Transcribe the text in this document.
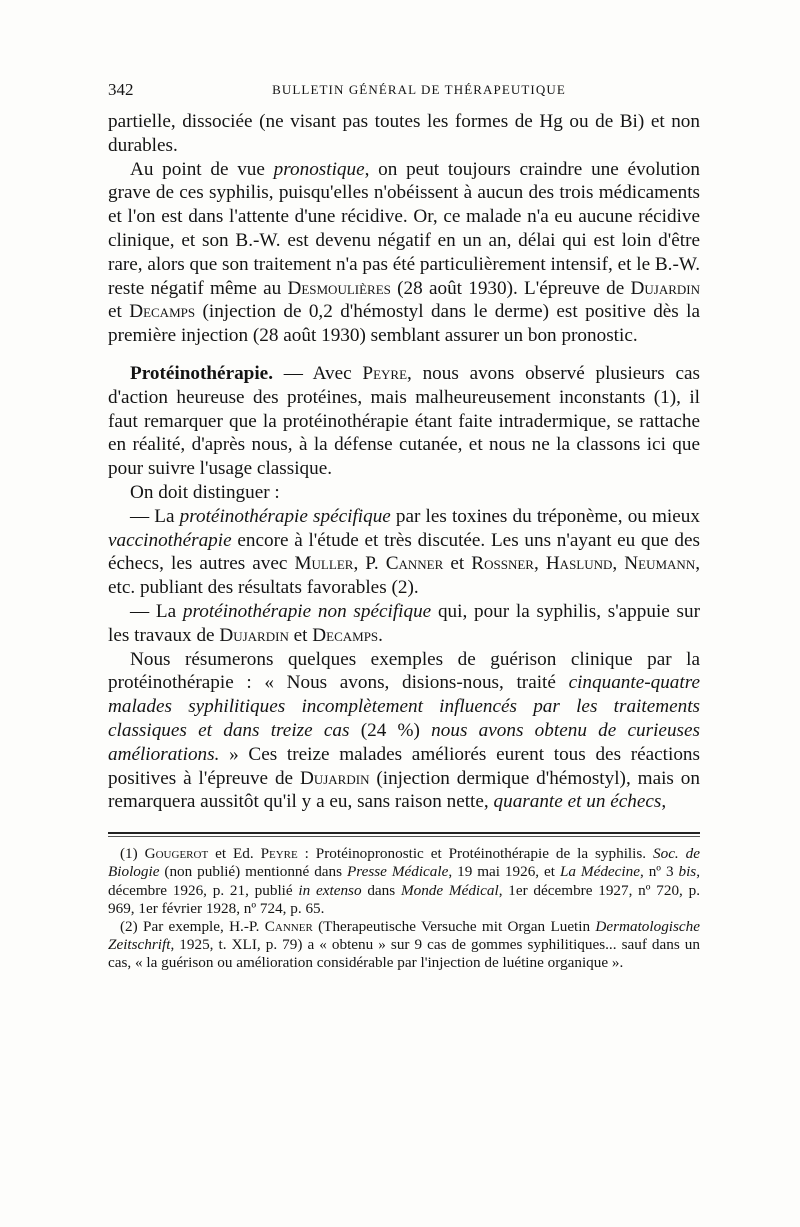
342	BULLETIN GÉNÉRAL DE THÉRAPEUTIQUE

partielle, dissociée (ne visant pas toutes les formes de Hg ou de Bi) et non durables.

Au point de vue pronostique, on peut toujours craindre une évolution grave de ces syphilis, puisqu'elles n'obéissent à aucun des trois médicaments et l'on est dans l'attente d'une récidive. Or, ce malade n'a eu aucune récidive clinique, et son B.-W. est devenu négatif en un an, délai qui est loin d'être rare, alors que son traitement n'a pas été particulièrement intensif, et le B.-W. reste négatif même au Desmoulières (28 août 1930). L'épreuve de Dujardin et Decamps (injection de 0,2 d'hémostyl dans le derme) est positive dès la première injection (28 août 1930) semblant assurer un bon pronostic.

Protéinothérapie. — Avec Peyre, nous avons observé plusieurs cas d'action heureuse des protéines, mais malheureusement inconstants (1), il faut remarquer que la protéinothérapie étant faite intradermique, se rattache en réalité, d'après nous, à la défense cutanée, et nous ne la classons ici que pour suivre l'usage classique.

On doit distinguer :

— La protéinothérapie spécifique par les toxines du tréponème, ou mieux vaccinothérapie encore à l'étude et très discutée. Les uns n'ayant eu que des échecs, les autres avec Muller, P. Canner et Rossner, Haslund, Neumann, etc. publiant des résultats favorables (2).

— La protéinothérapie non spécifique qui, pour la syphilis, s'appuie sur les travaux de Dujardin et Decamps.

Nous résumerons quelques exemples de guérison clinique par la protéinothérapie : « Nous avons, disions-nous, traité cinquante-quatre malades syphilitiques incomplètement influencés par les traitements classiques et dans treize cas (24 %) nous avons obtenu de curieuses améliorations. » Ces treize malades améliorés eurent tous des réactions positives à l'épreuve de Dujardin (injection dermique d'hémostyl), mais on remarquera aussitôt qu'il y a eu, sans raison nette, quarante et un échecs,

(1) Gougerot et Ed. Peyre : Protéinopronostic et Protéinothérapie de la syphilis. Soc. de Biologie (non publié) mentionné dans Presse Médicale, 19 mai 1926, et La Médecine, nº 3 bis, décembre 1926, p. 21, publié in extenso dans Monde Médical, 1er décembre 1927, nº 720, p. 969, 1er février 1928, nº 724, p. 65.

(2) Par exemple, H.-P. Canner (Therapeutische Versuche mit Organ Luetin Dermatologische Zeitschrift, 1925, t. XLI, p. 79) a « obtenu » sur 9 cas de gommes syphilitiques... sauf dans un cas, « la guérison ou amélioration considérable par l'injection de luétine organique ».
